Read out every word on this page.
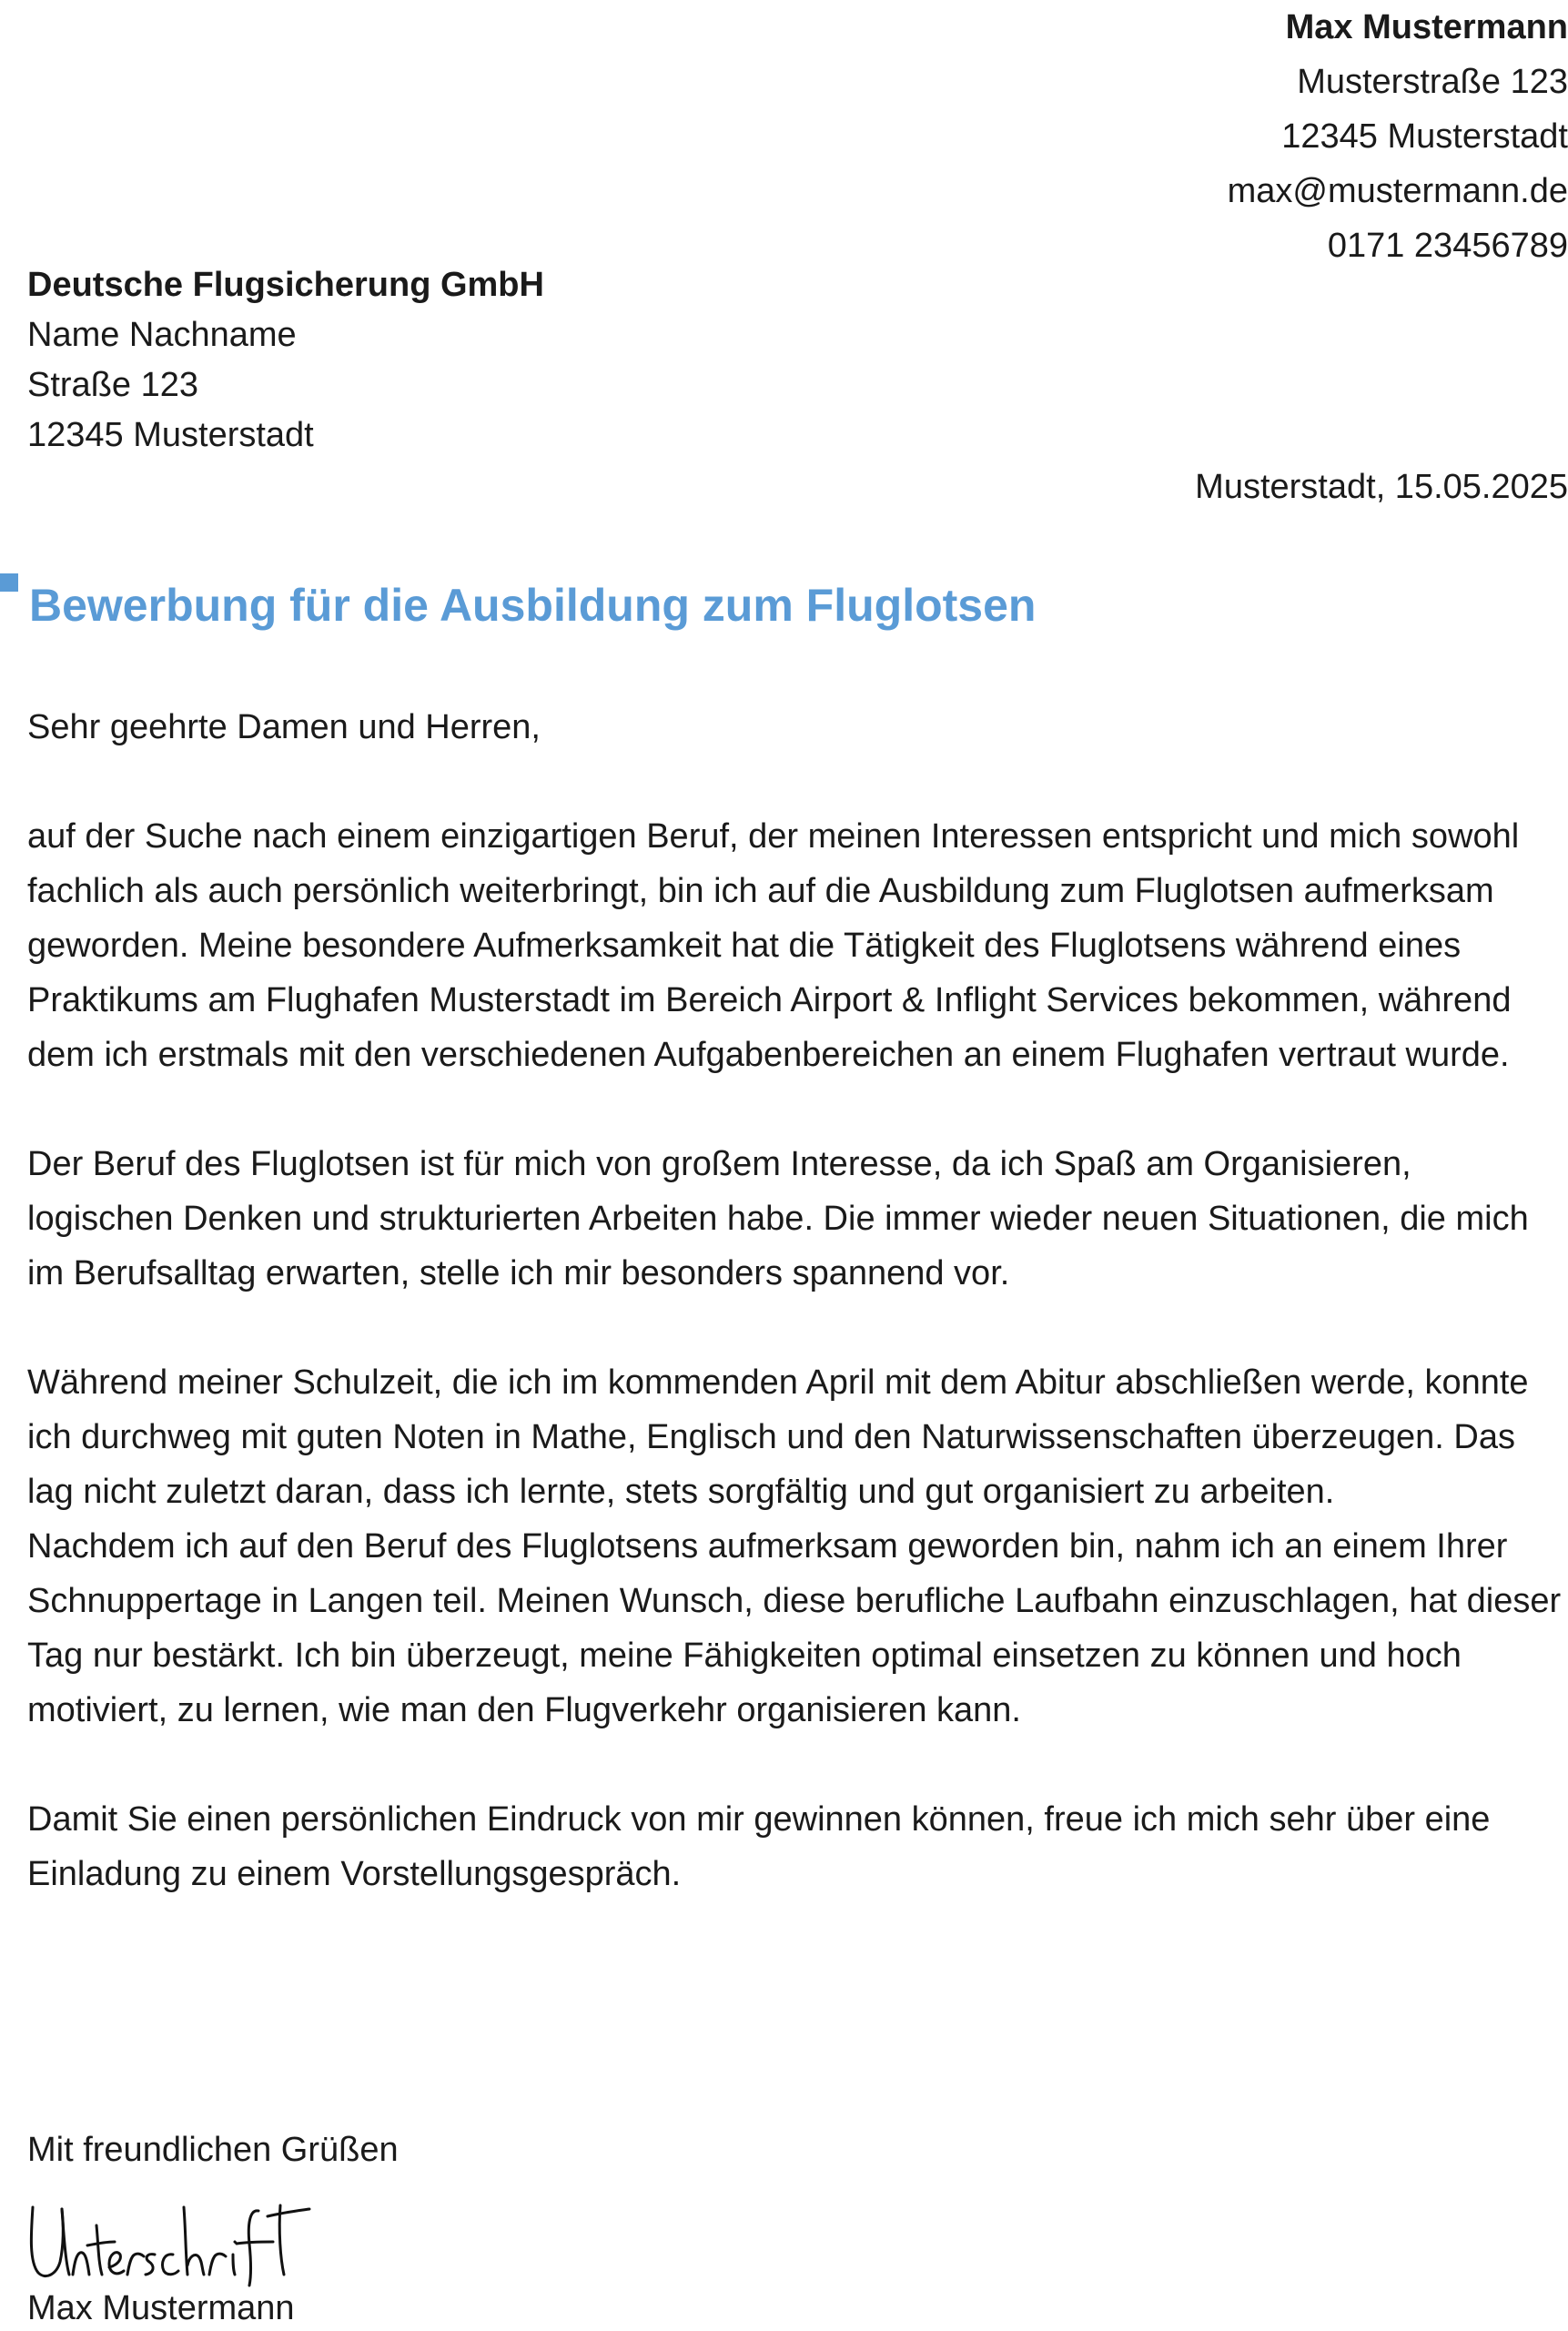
Max Mustermann
Musterstraße 123
12345 Musterstadt
max@mustermann.de
0171 23456789
Deutsche Flugsicherung GmbH
Name Nachname
Straße 123
12345 Musterstadt
Musterstadt, 15.05.2025
Bewerbung für die Ausbildung zum Fluglotsen

Sehr geehrte Damen und Herren,

auf der Suche nach einem einzigartigen Beruf, der meinen Interessen entspricht und mich sowohl fachlich als auch persönlich weiterbringt, bin ich auf die Ausbildung zum Fluglotsen aufmerksam geworden. Meine besondere Aufmerksamkeit hat die Tätigkeit des Fluglotsens während eines Praktikums am Flughafen Musterstadt im Bereich Airport & Inflight Services bekommen, während dem ich erstmals mit den verschiedenen Aufgabenbereichen an einem Flughafen vertraut wurde.

Der Beruf des Fluglotsen ist für mich von großem Interesse, da ich Spaß am Organisieren, logischen Denken und strukturierten Arbeiten habe. Die immer wieder neuen Situationen, die mich im Berufsalltag erwarten, stelle ich mir besonders spannend vor.

Während meiner Schulzeit, die ich im kommenden April mit dem Abitur abschließen werde, konnte ich durchweg mit guten Noten in Mathe, Englisch und den Naturwissenschaften überzeugen. Das lag nicht zuletzt daran, dass ich lernte, stets sorgfältig und gut organisiert zu arbeiten.

Nachdem ich auf den Beruf des Fluglotsens aufmerksam geworden bin, nahm ich an einem Ihrer Schnuppertage in Langen teil. Meinen Wunsch, diese berufliche Laufbahn einzuschlagen, hat dieser Tag nur bestärkt. Ich bin überzeugt, meine Fähigkeiten optimal einsetzen zu können und hoch motiviert, zu lernen, wie man den Flugverkehr organisieren kann.

Damit Sie einen persönlichen Eindruck von mir gewinnen können, freue ich mich sehr über eine Einladung zu einem Vorstellungsgespräch.

Mit freundlichen Grüßen
Max Mustermann
